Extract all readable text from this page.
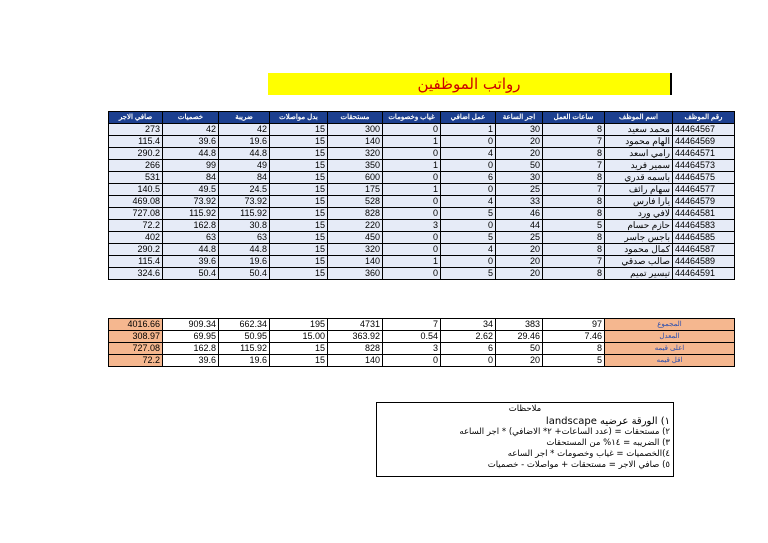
رواتب الموظفين
رقم الموظف	اسم الموظف	ساعات العمل	اجر الساعة	عمل اضافي	غياب وخصومات	مستحقات	بدل مواصلات	ضريبة	خصميات	صافي الاجر
44464567	محمد سعيد	8	30	1	0	300	15	42	42	273
44464569	الهام محمود	7	20	0	1	140	15	19.6	39.6	115.4
44464571	رامي اسعد	8	20	4	0	320	15	44.8	44.8	290.2
44464573	سمير فريد	7	50	0	1	350	15	49	99	266
44464575	باسمه قدري	8	30	6	0	600	15	84	84	531
44464577	سهام رائف	7	25	0	1	175	15	24.5	49.5	140.5
44464579	يارا فارس	8	33	4	0	528	15	73.92	73.92	469.08
44464581	لافي ورد	8	46	5	0	828	15	115.92	115.92	727.08
44464583	حازم حسام	5	44	0	3	220	15	30.8	162.8	72.2
44464585	باجس جاسر	8	25	5	0	450	15	63	63	402
44464587	كمال محمود	8	20	4	0	320	15	44.8	44.8	290.2
44464589	صالب صدقي	7	20	0	1	140	15	19.6	39.6	115.4
44464591	تيسير تميم	8	20	5	0	360	15	50.4	50.4	324.6
المجموع	97	383	34	7	4731	195	662.34	909.34	4016.66
المعدل	7.46	29.46	2.62	0.54	363.92	15.00	50.95	69.95	308.97
اعلى قيمه	8	50	6	3	828	15	115.92	162.8	727.08
اقل قيمه	5	20	0	0	140	15	19.6	39.6	72.2
ملاحظات
١) الورقة عرضيه landscape
٢) مستحقات = (عدد الساعات+ ٢* الاضافي) * اجر الساعه
٣) الضريبه = ١٤% من المستحقات
٤)الخصميات = غياب وخصومات * اجر الساعه
٥) صافي الاجر = مستحقات + مواصلات - خصميات
